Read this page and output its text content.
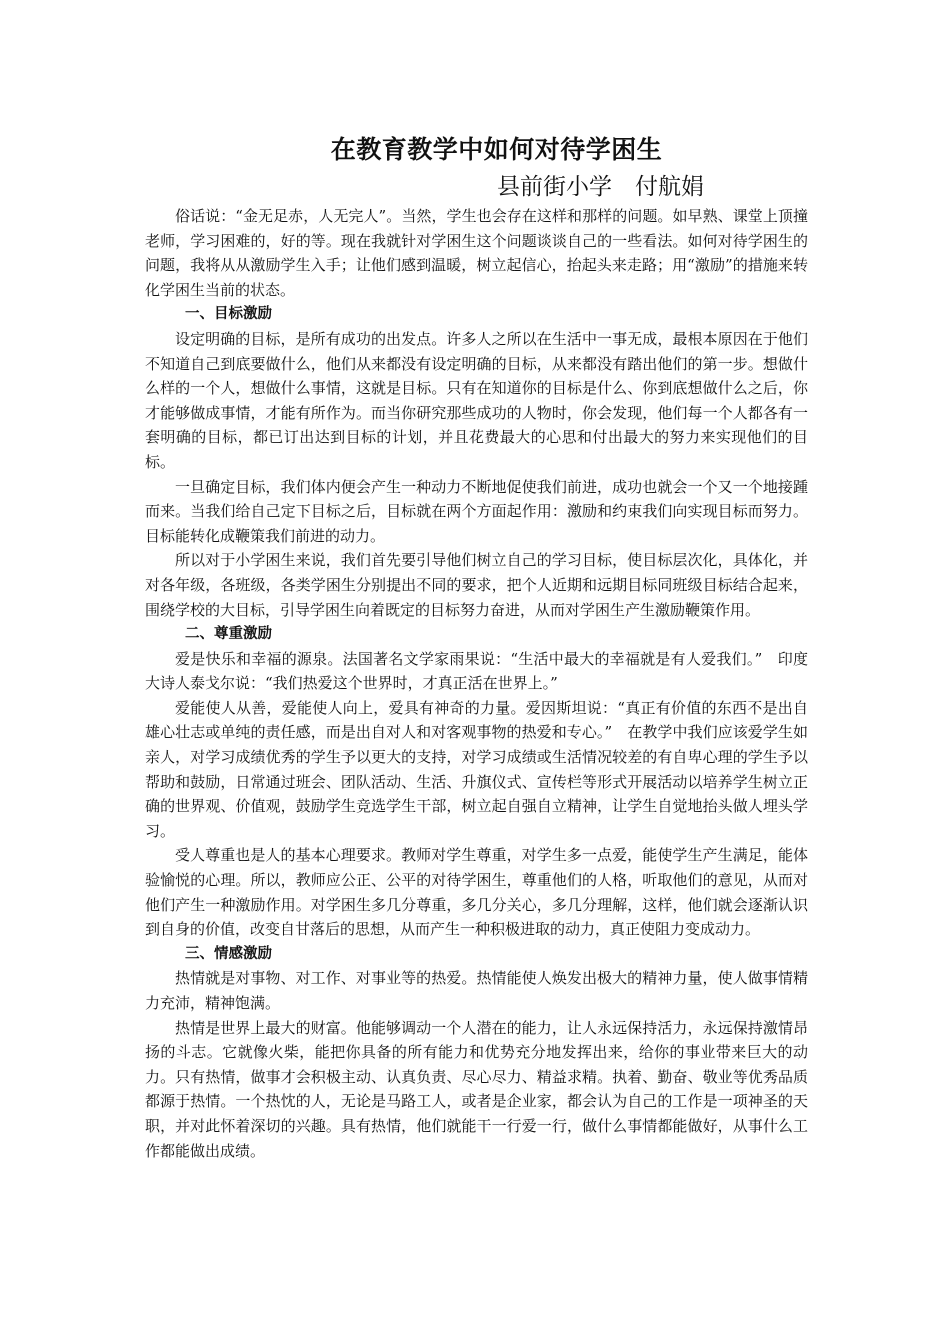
在教育教学中如何对待学困生

县前街小学　付航娟

俗话说：“金无足赤，人无完人”。当然，学生也会存在这样和那样的问题。如早熟、课堂上顶撞老师，学习困难的，好的等。现在我就针对学困生这个问题谈谈自己的一些看法。如何对待学困生的问题，我将从从激励学生入手；让他们感到温暖，树立起信心，抬起头来走路；用“激励”的措施来转化学困生当前的状态。

一、目标激励

设定明确的目标，是所有成功的出发点。许多人之所以在生活中一事无成，最根本原因在于他们不知道自己到底要做什么，他们从来都没有设定明确的目标，从来都没有踏出他们的第一步。想做什么样的一个人，想做什么事情，这就是目标。只有在知道你的目标是什么、你到底想做什么之后，你才能够做成事情，才能有所作为。而当你研究那些成功的人物时，你会发现，他们每一个人都各有一套明确的目标，都已订出达到目标的计划，并且花费最大的心思和付出最大的努力来实现他们的目标。

一旦确定目标，我们体内便会产生一种动力不断地促使我们前进，成功也就会一个又一个地接踵而来。当我们给自己定下目标之后，目标就在两个方面起作用：激励和约束我们向实现目标而努力。目标能转化成鞭策我们前进的动力。

所以对于小学困生来说，我们首先要引导他们树立自己的学习目标，使目标层次化，具体化，并对各年级，各班级，各类学困生分别提出不同的要求，把个人近期和远期目标同班级目标结合起来，围绕学校的大目标，引导学困生向着既定的目标努力奋进，从而对学困生产生激励鞭策作用。

二、尊重激励

爱是快乐和幸福的源泉。法国著名文学家雨果说：“生活中最大的幸福就是有人爱我们。”　印度大诗人泰戈尔说：“我们热爱这个世界时，才真正活在世界上。”

爱能使人从善，爱能使人向上，爱具有神奇的力量。爱因斯坦说：“真正有价值的东西不是出自雄心壮志或单纯的责任感，而是出自对人和对客观事物的热爱和专心。”　在教学中我们应该爱学生如亲人，对学习成绩优秀的学生予以更大的支持，对学习成绩或生活情况较差的有自卑心理的学生予以帮助和鼓励，日常通过班会、团队活动、生活、升旗仪式、宣传栏等形式开展活动以培养学生树立正确的世界观、价值观，鼓励学生竞选学生干部，树立起自强自立精神，让学生自觉地抬头做人埋头学习。

受人尊重也是人的基本心理要求。教师对学生尊重，对学生多一点爱，能使学生产生满足，能体验愉悦的心理。所以，教师应公正、公平的对待学困生，尊重他们的人格，听取他们的意见，从而对他们产生一种激励作用。对学困生多几分尊重，多几分关心，多几分理解，这样，他们就会逐渐认识到自身的价值，改变自甘落后的思想，从而产生一种积极进取的动力，真正使阻力变成动力。

三、情感激励

热情就是对事物、对工作、对事业等的热爱。热情能使人焕发出极大的精神力量，使人做事情精力充沛，精神饱满。

热情是世界上最大的财富。他能够调动一个人潜在的能力，让人永远保持活力，永远保持激情昂扬的斗志。它就像火柴，能把你具备的所有能力和优势充分地发挥出来，给你的事业带来巨大的动力。只有热情，做事才会积极主动、认真负责、尽心尽力、精益求精。执着、勤奋、敬业等优秀品质都源于热情。一个热忱的人，无论是马路工人，或者是企业家，都会认为自己的工作是一项神圣的天职，并对此怀着深切的兴趣。具有热情，他们就能干一行爱一行，做什么事情都能做好，从事什么工作都能做出成绩。
